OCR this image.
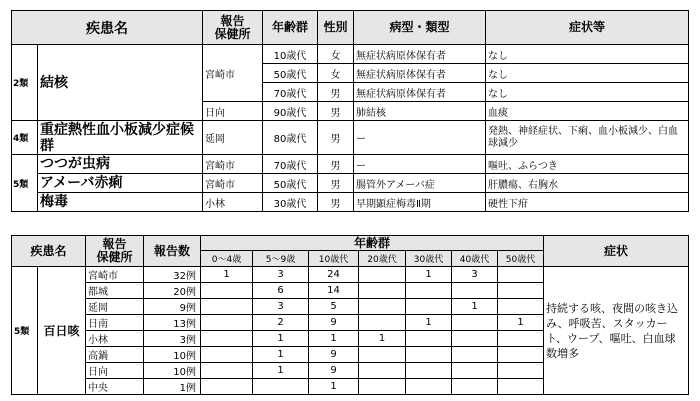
疾患名		報告
保健所	年齢群	性別	病型・類型	症状等
2類	結核	宮崎市	10歳代	女	無症状病原体保有者	なし
			50歳代	女	無症状病原体保有者	なし
			70歳代	男	無症状病原体保有者	なし
		日向	90歳代	男	肺結核	血痰
4類	重症熱性血小板減少症候群	延岡	80歳代	男	ー	発熱、神経症状、下痢、血小板減少、白血球減少
5類	つつが虫病	宮崎市	70歳代	男	ー	嘔吐、ふらつき
	アメーバ赤痢	宮崎市	50歳代	男	腸管外アメーバ症	肝膿瘍、右胸水
	梅毒	小林	30歳代	男	早期顕症梅毒Ⅱ期	硬性下疳
疾患名		報告
保健所	報告数	年齢群							症状
				0～4歳	5～9歳	10歳代	20歳代	30歳代	40歳代	50歳代	
5類	百日咳	宮崎市	32例	1	3	24		1	3		持続する咳、夜間の咳き込み、呼吸苦、スタッカート、ウープ、嘔吐、白血球数増多
		都城	20例		6	14					
		延岡	9例		3	5			1		
		日南	13例		2	9		1		1	
		小林	3例		1	1	1				
		高鍋	10例		1	9					
		日向	10例		1	9					
		中央	1例			1					
